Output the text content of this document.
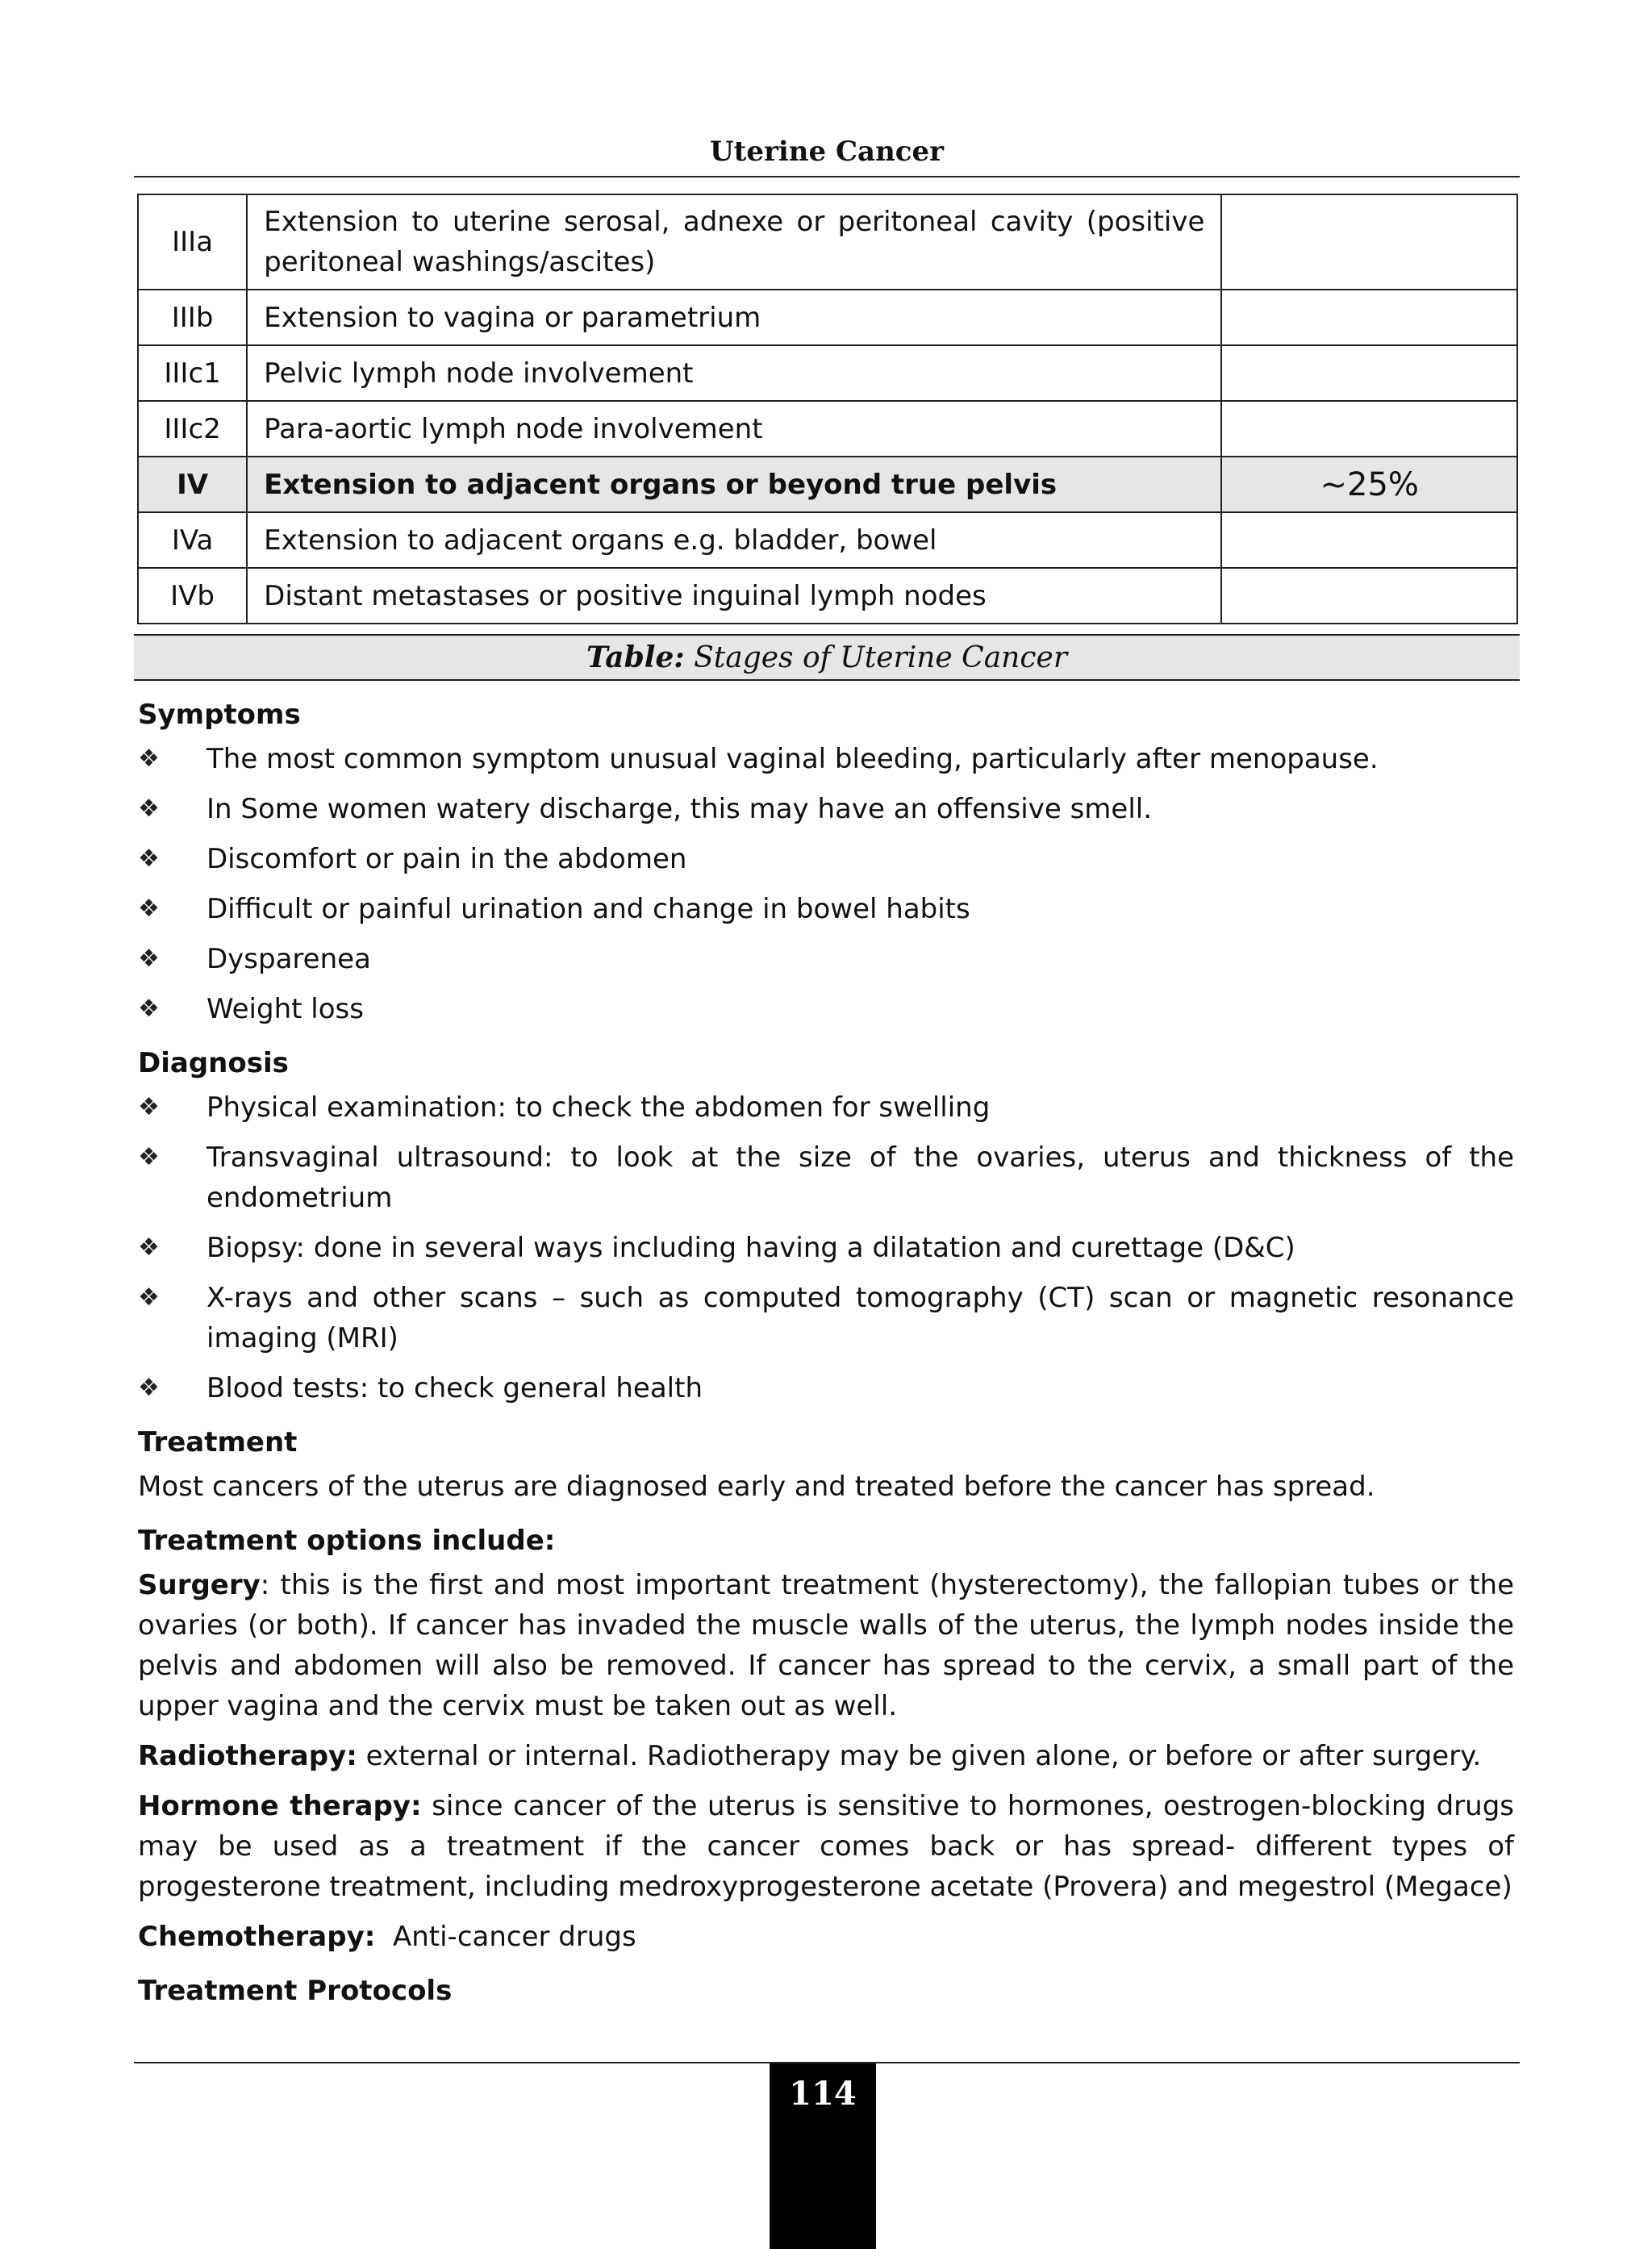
Uterine Cancer
IIIa	Extension to uterine serosal, adnexe or peritoneal cavity (positive peritoneal washings/ascites)	
IIIb	Extension to vagina or parametrium	
IIIc1	Pelvic lymph node involvement	
IIIc2	Para-aortic lymph node involvement	
IV	Extension to adjacent organs or beyond true pelvis	~25%
IVa	Extension to adjacent organs e.g. bladder, bowel	
IVb	Distant metastases or positive inguinal lymph nodes	
Table: Stages of Uterine Cancer

Symptoms

❖ The most common symptom unusual vaginal bleeding, particularly after menopause.
❖ In Some women watery discharge, this may have an offensive smell.
❖ Discomfort or pain in the abdomen
❖ Difficult or painful urination and change in bowel habits
❖ Dysparenea
❖ Weight loss

Diagnosis

❖ Physical examination: to check the abdomen for swelling
❖ Transvaginal ultrasound: to look at the size of the ovaries, uterus and thickness of the endometrium
❖ Biopsy: done in several ways including having a dilatation and curettage (D&C)
❖ X-rays and other scans – such as computed tomography (CT) scan or magnetic resonance imaging (MRI)
❖ Blood tests: to check general health

Treatment

Most cancers of the uterus are diagnosed early and treated before the cancer has spread.

Treatment options include:

Surgery: this is the first and most important treatment (hysterectomy), the fallopian tubes or the ovaries (or both). If cancer has invaded the muscle walls of the uterus, the lymph nodes inside the pelvis and abdomen will also be removed. If cancer has spread to the cervix, a small part of the upper vagina and the cervix must be taken out as well.

Radiotherapy: external or internal. Radiotherapy may be given alone, or before or after surgery.

Hormone therapy: since cancer of the uterus is sensitive to hormones, oestrogen-blocking drugs may be used as a treatment if the cancer comes back or has spread- different types of progesterone treatment, including medroxyprogesterone acetate (Provera) and megestrol (Megace)

Chemotherapy:  Anti-cancer drugs

Treatment Protocols

114
